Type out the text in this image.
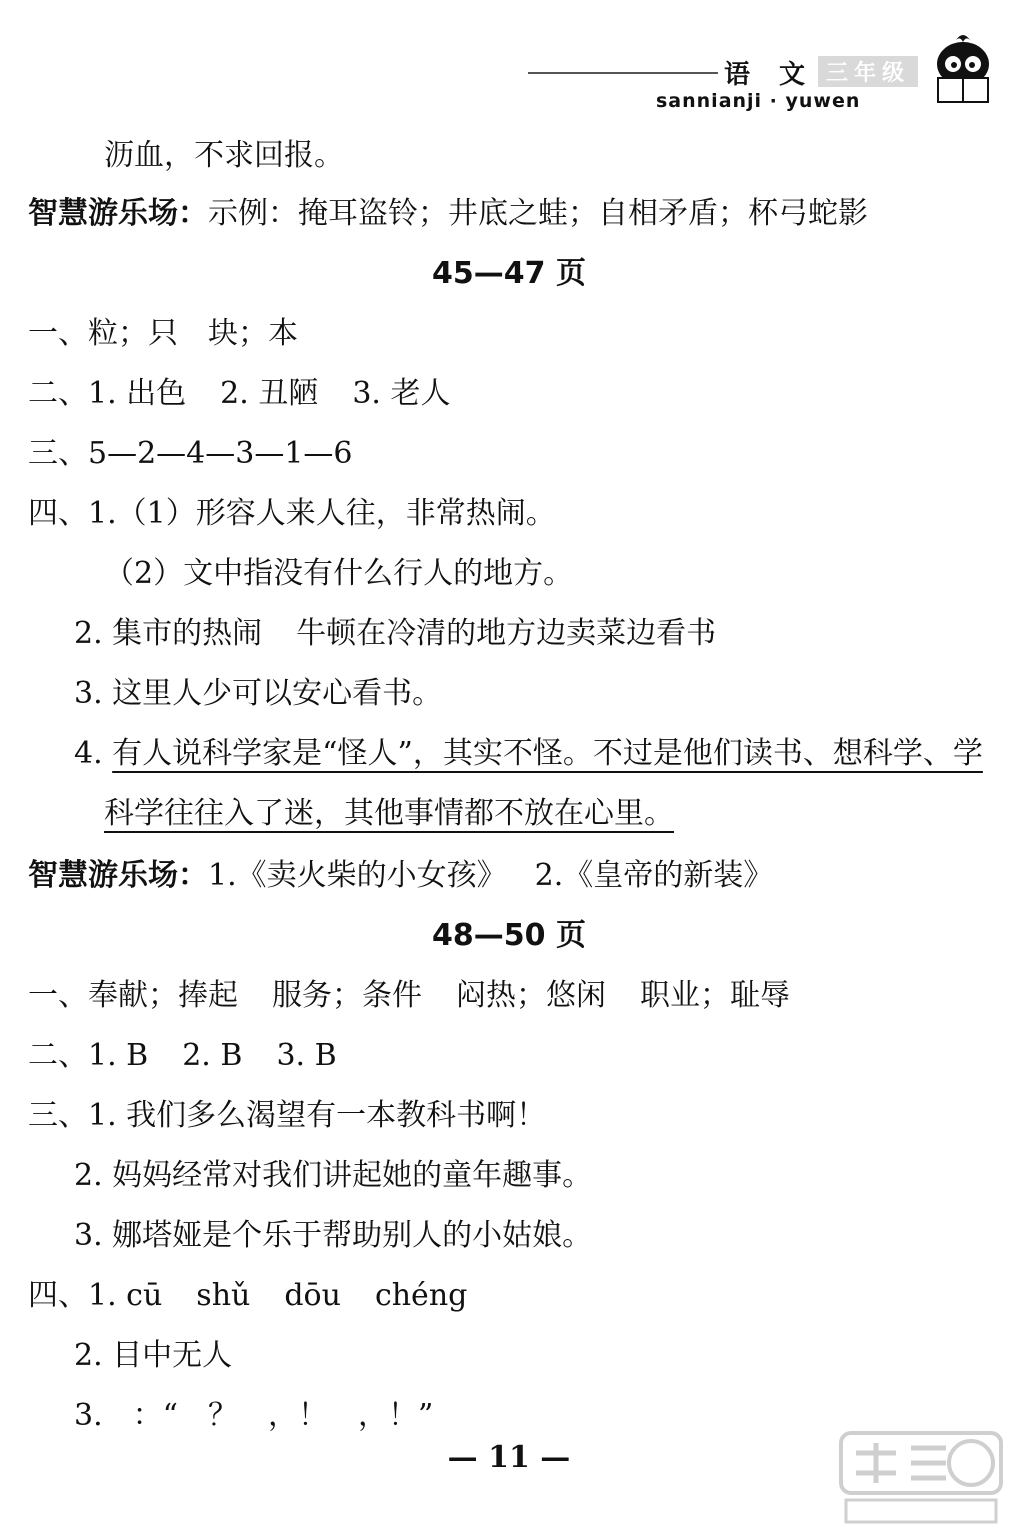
语 文 三年级
sannianji · yuwen
沥血，不求回报。
智慧游乐场：示例：掩耳盗铃；井底之蛙；自相矛盾；杯弓蛇影
45—47 页
一、粒；只　块；本
二、1. 出色 2. 丑陋 3. 老人
三、5—2—4—3—1—6
四、1.（1）形容人来人往，非常热闹。
（2）文中指没有什么行人的地方。
2. 集市的热闹 牛顿在冷清的地方边卖菜边看书
3. 这里人少可以安心看书。
4. 有人说科学家是“怪人”，其实不怪。不过是他们读书、想科学、学
科学往往入了迷，其他事情都不放在心里。
智慧游乐场：1.《卖火柴的小女孩》 2.《皇帝的新装》
48—50 页
一、奉献；捧起 服务；条件 闷热；悠闲 职业；耻辱
二、1. B 2. B 3. B
三、1. 我们多么渴望有一本教科书啊！
2. 妈妈经常对我们讲起她的童年趣事。
3. 娜塔娅是个乐于帮助别人的小姑娘。
四、1. cū shǔ dōu chéng
2. 目中无人
3.　：“　？　，！　，！”
— 11 —
